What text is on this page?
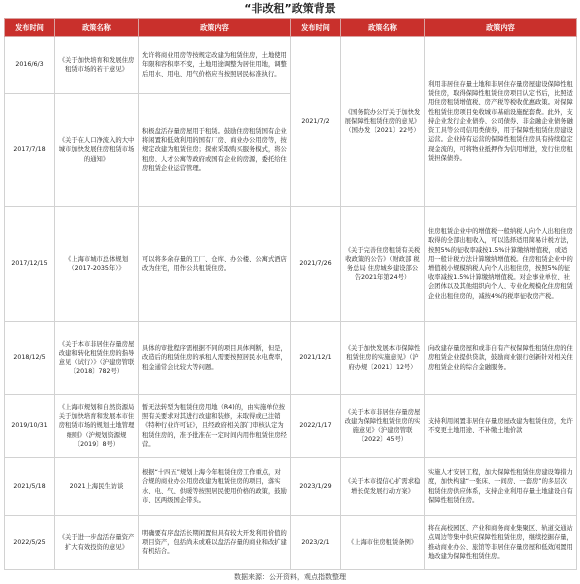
“非改租”政策背景
发布时间	政策名称	政策内容	发布时间	政策名称	政策内容
2016/6/3	《关于加快培育和发展住房租赁市场的若干意见》	允许将商业用房等按规定改建为租赁住房，土地使用年限和容积率不变，土地用途调整为居住用地，调整后用水、用电、用气价格应当按照居民标准执行。	2021/7/2	《国务院办公厅关于加快发展保障性租赁住房的意见》（国办发〔2021〕22号）	利用非居住存量土地和非居住存量房屋建设保障性租赁住房，取得保障性租赁住房项目认定书后，比照适用住房租赁增值税、房产税等税收优惠政策。对保障性租赁住房项目免收城市基础设施配套费。此外，支持企业发行企业债券、公司债券、非金融企业债务融资工具等公司信用类债券，用于保障性租赁住房建设运营。企业持有运营的保障性租赁住房具有持续稳定现金流的，可将物业抵押作为信用增进，发行住房租赁担保债券。
2017/7/18	《关于在人口净流入的大中城市加快发展住房租赁市场的通知》	积极盘活存量房屋用于租赁。鼓励住房租赁国有企业将闲置和低效利用的国有厂房、商业办公用房等，按规定改建为租赁住房；探索采取购买服务模式，将公租房、人才公寓等政府或国有企业的房源，委托给住房租赁企业运营管理。			
2017/12/15	《上海市城市总体规划（2017-2035年）》	可以将多余存量的工厂、仓库、办公楼、公寓式酒店改为住宅，用作公共租赁住房。	2021/7/26	《关于完善住房租赁有关税收政策的公告》（财政部 税务总局 住房城乡建设部公告2021年第24号）	住房租赁企业中的增值税一般纳税人向个人出租住房取得的全部出租收入，可以选择适用简易计税方法，按照5%的征收率减按1.5%计算缴纳增值税，或适用一般计税方法计算缴纳增值税。住房租赁企业中的增值税小规模纳税人向个人出租住房，按照5%的征收率减按1.5%计算缴纳增值税。对企事业单位、社会团体以及其他组织向个人、专业化规模化住房租赁企业出租住房的，减按4%的税率征收房产税。
2018/12/5	《关于本市非居住存量房屋改建和转化租赁住房的指导意见（试行）》（沪建房管联〔2018〕782号）	具体的审批程序需根据不同的项目具体判断，但是，改造后的租赁住房的承租人需要按照居民水电费率，租金通常会比较大等问题。	2021/12/1	《关于加快发展本市保障性租赁住房的实施意见》（沪府办规〔2021〕12号）	向改建存量房屋和或非自有产权保障性租赁住房的住房租赁企业提供贷款，鼓励商业银行创新针对相关住房租赁企业的综合金融服务。
2019/10/31	《上海市规划和自然资源局关于加快培育和发展本市住房租赁市场的规划土地管理细则》（沪规划资源规〔2019〕8号）	暂无法转型为租赁住房用地（R4)的，由实施单位按照有关要求对其进行改建和装修，未取得或已注销《特种行业许可证》，且经政府相关部门审核认定为租赁住房的，准予批准在一定时间内用作租赁住房经营。	2022/1/17	《关于本市非居住存量房屋改建为保障性租赁住房的实施意见》（沪建房管联〔2022〕45号）	支持利用闲置非居住存量房屋改建为租赁住房，允许不变更土地用途、不补缴土地价款
2021/5/18	2021上海民生访谈	根据“十四五”规划上海今年租赁住房工作重点，对合规的商业办公用房改建为租赁住房的项目，落实水、电、气、供暖等按照居民使用价格的政策，鼓励市、区两级国企带头。	2023/1/29	《关于本市提信心扩需求稳增长促发展行动方案》	实施人才安居工程，加大保障性租赁住房建设筹措力度，加快构建“一张床、一间房、一套房”的多层次租赁住房供应体系，支持企业利用存量土地建设自有保障性租赁住房。
2022/5/25	《关于进一步盘活存量资产扩大有效投资的意见》	明确要有序盘活长期闲置但具有较大开发利用价值的项目资产，包括尚未或难以盘活存量的商业和改扩建有机结合。	2023/2/1	《上海市住房租赁条例》	将在高校园区、产业和商务商业集聚区、轨道交通站点周边等集中供应保障性租赁住房，继续挖掘存量，推动商业办公、旅馆等非居住存量房屋和低效闲置用地改建为保障性租赁住房。
数据来源：公开资料，观点指数整理
